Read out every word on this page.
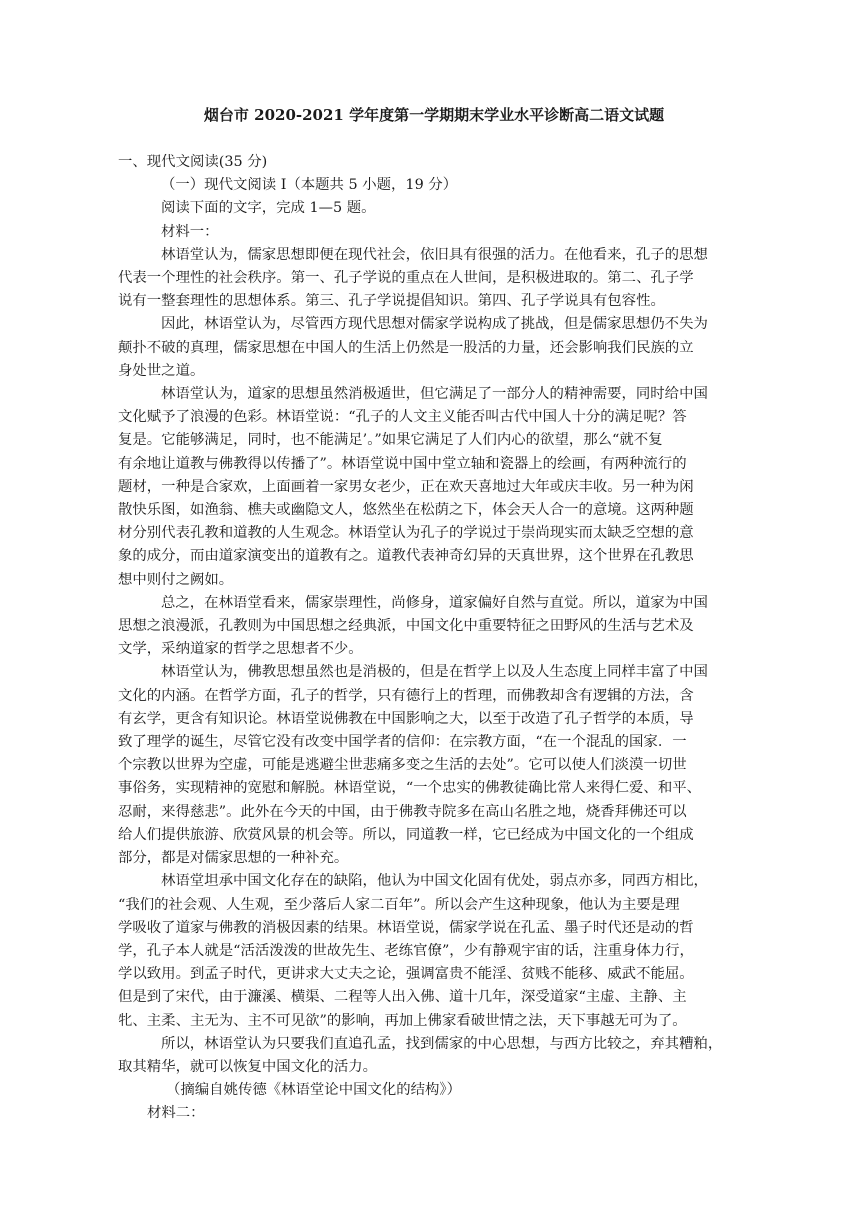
烟台市 2020-2021 学年度第一学期期末学业水平诊断高二语文试题

一、现代文阅读(35 分)

（一）现代文阅读 I（本题共 5 小题，19 分）

阅读下面的文字，完成 1—5 题。

材料一：

林语堂认为，儒家思想即便在现代社会，依旧具有很强的活力。在他看来，孔子的思想
代表一个理性的社会秩序。第一、孔子学说的重点在人世间，是积极进取的。第二、孔子学
说有一整套理性的思想体系。第三、孔子学说提倡知识。第四、孔子学说具有包容性。

因此，林语堂认为，尽管西方现代思想对儒家学说构成了挑战，但是儒家思想仍不失为
颠扑不破的真理，儒家思想在中国人的生活上仍然是一股活的力量，还会影响我们民族的立
身处世之道。

林语堂认为，道家的思想虽然消极遁世，但它满足了一部分人的精神需要，同时给中国
文化赋予了浪漫的色彩。林语堂说：“孔子的人文主义能否叫古代中国人十分的满足呢？答
复是。它能够满足，同时，也不能满足’。”如果它满足了人们内心的欲望，那么“就不复
有余地让道教与佛教得以传播了”。林语堂说中国中堂立轴和瓷器上的绘画，有两种流行的
题材，一种是合家欢，上面画着一家男女老少，正在欢天喜地过大年或庆丰收。另一种为闲
散快乐图，如渔翁、樵夫或幽隐文人，悠然坐在松荫之下，体会天人合一的意境。这两种题
材分别代表孔教和道教的人生观念。林语堂认为孔子的学说过于崇尚现实而太缺乏空想的意
象的成分，而由道家演变出的道教有之。道教代表神奇幻异的天真世界，这个世界在孔教思
想中则付之阙如。

总之，在林语堂看来，儒家崇理性，尚修身，道家偏好自然与直觉。所以，道家为中国
思想之浪漫派，孔教则为中国思想之经典派，中国文化中重要特征之田野风的生活与艺术及
文学，采纳道家的哲学之思想者不少。

林语堂认为，佛教思想虽然也是消极的，但是在哲学上以及人生态度上同样丰富了中国
文化的内涵。在哲学方面，孔子的哲学，只有德行上的哲理，而佛教却含有逻辑的方法，含
有玄学，更含有知识论。林语堂说佛教在中国影响之大，以至于改造了孔子哲学的本质，导
致了理学的诞生，尽管它没有改变中国学者的信仰：在宗教方面，“在一个混乱的国家．一
个宗教以世界为空虚，可能是逃避尘世悲痛多变之生活的去处”。它可以使人们淡漠一切世
事俗务，实现精神的宽慰和解脱。林语堂说，“一个忠实的佛教徒确比常人来得仁爱、和平、
忍耐，来得慈悲”。此外在今天的中国，由于佛教寺院多在高山名胜之地，烧香拜佛还可以
给人们提供旅游、欣赏风景的机会等。所以，同道教一样，它已经成为中国文化的一个组成
部分，都是对儒家思想的一种补充。

林语堂坦承中国文化存在的缺陷，他认为中国文化固有优处，弱点亦多，同西方相比，
“我们的社会观、人生观，至少落后人家二百年”。所以会产生这种现象，他认为主要是理
学吸收了道家与佛教的消极因素的结果。林语堂说，儒家学说在孔孟、墨子时代还是动的哲
学，孔子本人就是“活活泼泼的世故先生、老练官僚”，少有静观宇宙的话，注重身体力行，
学以致用。到孟子时代，更讲求大丈夫之论，强调富贵不能淫、贫贱不能移、威武不能屈。
但是到了宋代，由于濂溪、横渠、二程等人出入佛、道十几年，深受道家“主虚、主静、主
牝、主柔、主无为、主不可见欲”的影响，再加上佛家看破世情之法，天下事越无可为了。

所以，林语堂认为只要我们直追孔孟，找到儒家的中心思想，与西方比较之，弃其糟粕，
取其精华，就可以恢复中国文化的活力。

（摘编自姚传德《林语堂论中国文化的结构》）

材料二：
